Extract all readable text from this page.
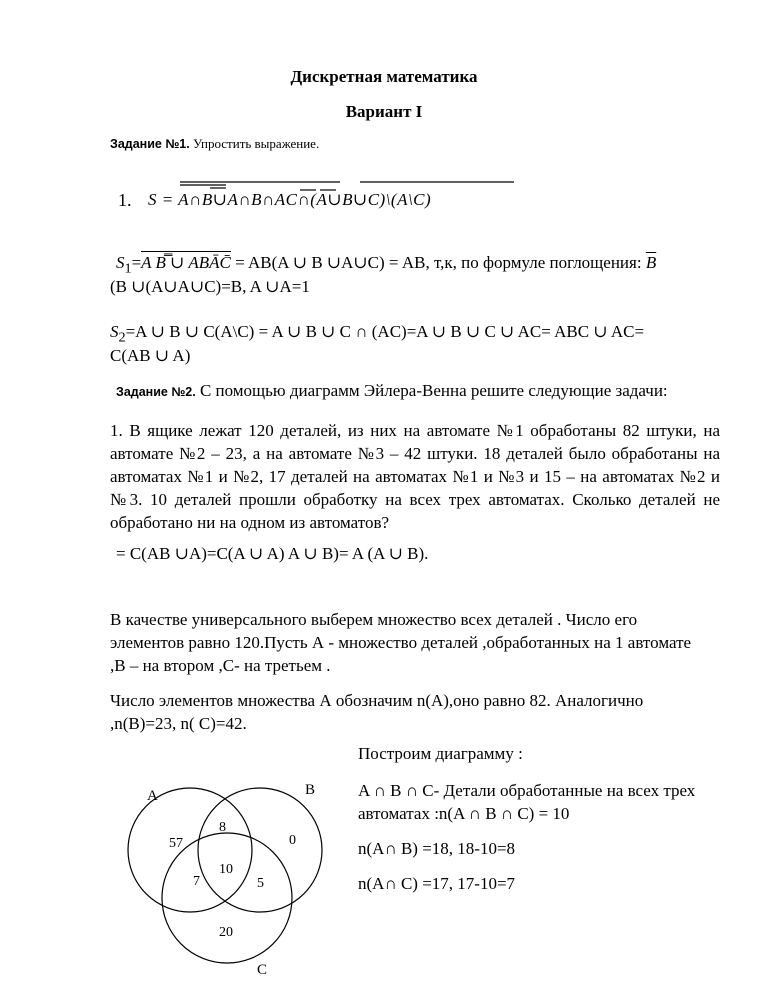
Дискретная математика
Вариант I
Задание №1. Упростить выражение.
1. S = A∩B∪A∩B∩AC∩(A∪B∪C)\(A\C)
$S_1=A$ B̿ ∪ ABĀC̄ = AB(A ∪ B ∪A∪C) = AB, т,к, по формуле поглощения: $\overline{B}$
(B ∪(A∪A∪C)=B, A ∪A=1
$S_2=A$ ∪ B ∪ C(A\C) = A ∪ B ∪ C ∩ (AC)=A ∪ B ∪ C ∪ AC= ABC ∪ AC=
C(AB ∪ A)
Задание №2. С помощью диаграмм Эйлера-Венна решите следующие задачи:
1. В ящике лежат 120 деталей, из них на автомате №1 обработаны 82 штуки, на автомате №2 – 23, а на автомате №3 – 42 штуки. 18 деталей было обработаны на автоматах №1 и №2, 17 деталей на автоматах №1 и №3 и 15 – на автоматах №2 и №3. 10 деталей прошли обработку на всех трех автоматах. Сколько деталей не обработано ни на одном из автоматов?
= C(AB ∪A)=C(A ∪ A) A ∪ B)= A (A ∪ B).
В качестве универсального выберем множество всех деталей . Число его элементов равно 120.Пусть А - множество деталей ,обработанных на 1 автомате ,В – на втором ,С- на третьем .
Число элементов множества А обозначим n(A),оно равно 82. Аналогично ,n(B)=23, n( C)=42.
Построим диаграмму :
A ∩ B ∩ C- Детали обработанные на всех трех автоматах :n(A ∩ B ∩ C) = 10
n(A∩ B) =18, 18-10=8
n(A∩ C) =17, 17-10=7
A	B
C
57
8
0
7
10
5
20
